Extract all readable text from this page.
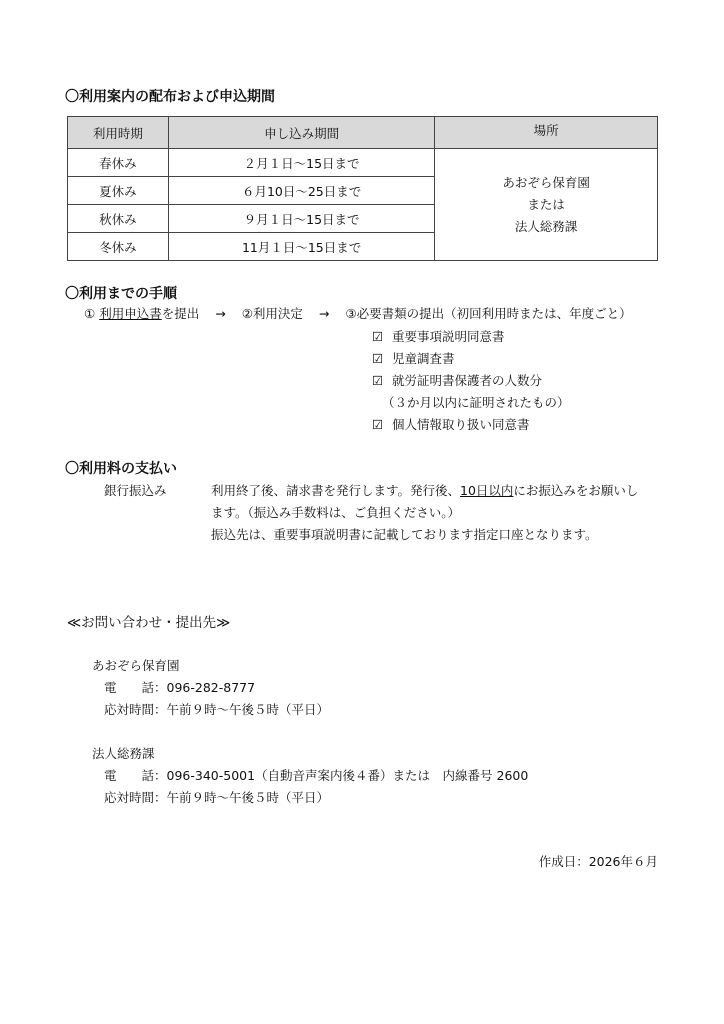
〇利用案内の配布および申込期間
利用時期	申し込み期間	場所
春休み	２月１日～15日まで	あおぞら保育園
または
法人総務課

夏休み	６月10日～25日まで	
秋休み	９月１日～15日まで	
冬休み	11月１日～15日まで	
〇利用までの手順
① 利用申込書を提出 → ②利用決定 → ③必要書類の提出（初回利用時または、年度ごと）
☑ 重要事項説明同意書
☑ 児童調査書
☑ 就労証明書保護者の人数分
（３か月以内に証明されたもの）
☑ 個人情報取り扱い同意書
〇利用料の支払い
銀行振込み	利用終了後、請求書を発行します。発行後、10日以内にお振込みをお願いし
ます。（振込み手数料は、ご負担ください。）
振込先は、重要事項説明書に記載しております指定口座となります。
≪お問い合わせ・提出先≫
あおぞら保育園
電　　話：096-282-8777
応対時間：午前９時～午後５時（平日）
法人総務課
電　　話：096-340-5001（自動音声案内後４番）または　内線番号 2600
応対時間：午前９時～午後５時（平日）
作成日：2026年６月
